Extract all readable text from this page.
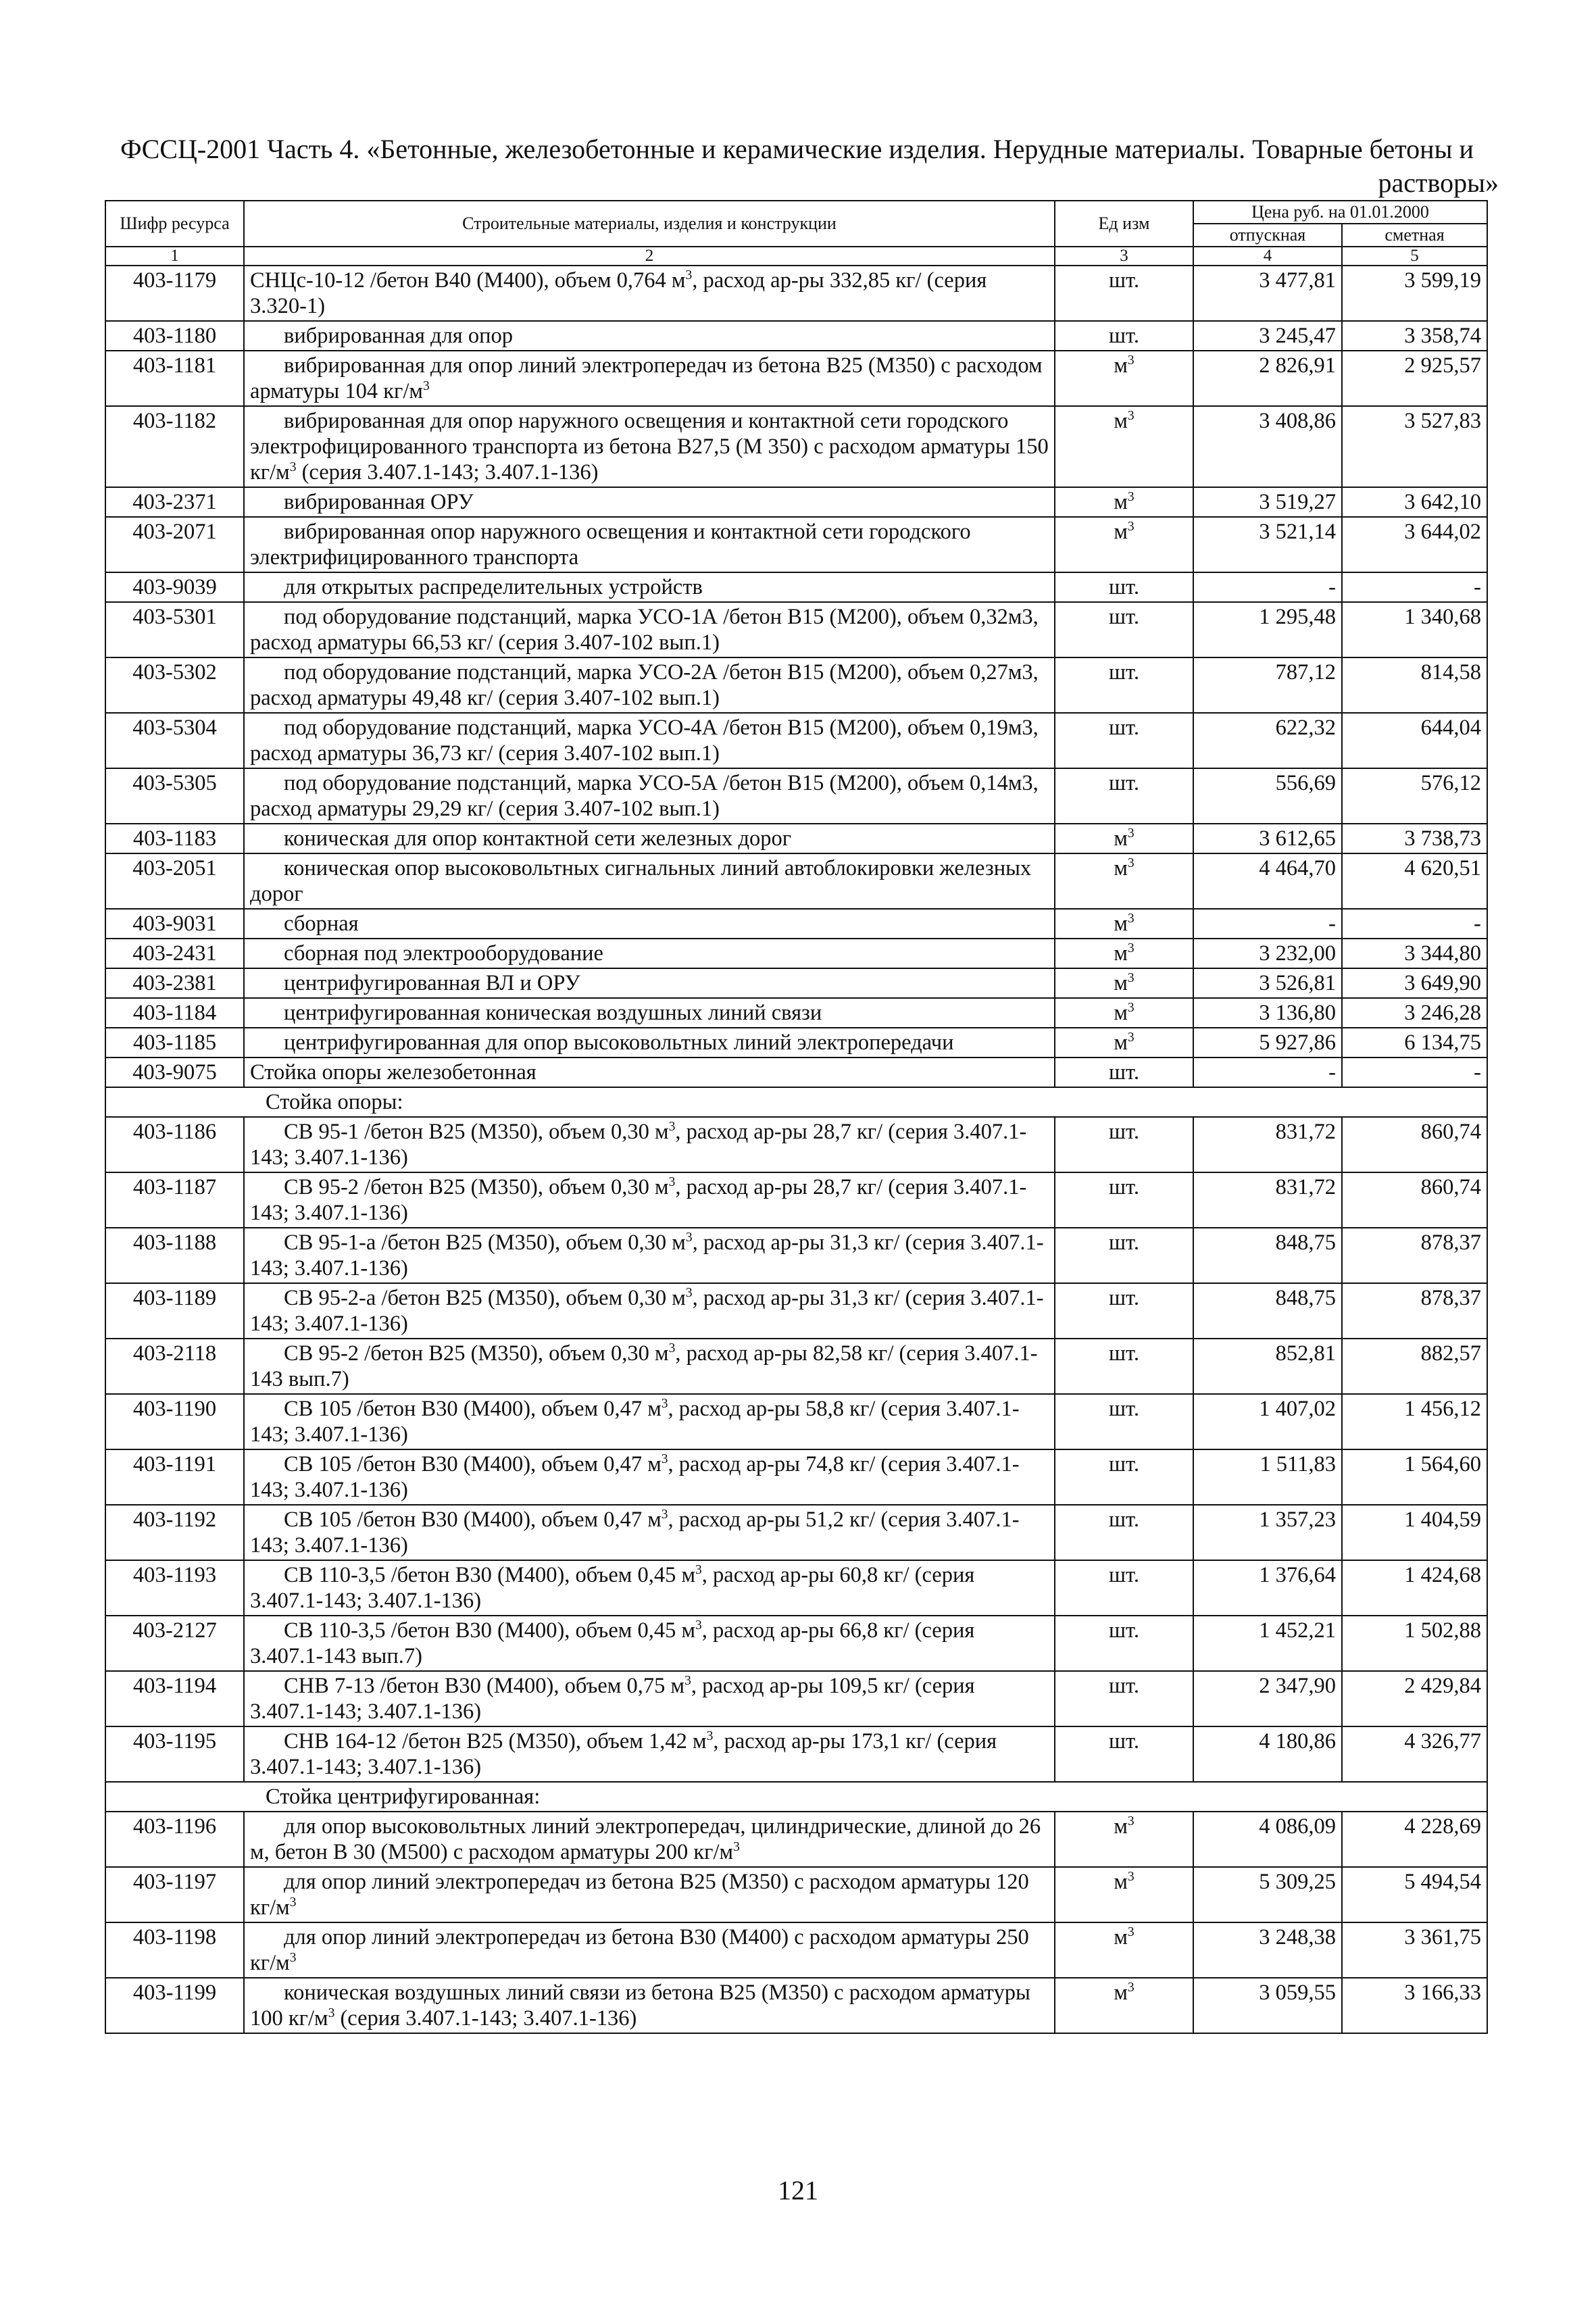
ФССЦ-2001 Часть 4. «Бетонные, железобетонные и керамические изделия. Нерудные материалы. Товарные бетоны и
растворы»
Шифр ресурса	Строительные материалы, изделия и конструкции	Ед изм	Цена руб. на 01.01.2000	
			отпускная	сметная
1	2	3	4	5
403-1179	СНЦс-10-12 /бетон В40 (М400), объем 0,764 $м^3$, расход ар-ры 332,85 кг/ (серия 3.320-1)	шт.	3 477,81	3 599,19
403-1180	вибрированная для опор	шт.	3 245,47	3 358,74
403-1181	вибрированная для опор линий электропередач из бетона В25 (М350) с расходом арматуры 104 $кг/м^3$	$м^3$	2 826,91	2 925,57
403-1182	вибрированная для опор наружного освещения и контактной сети городского электрофицированного транспорта из бетона В27,5 (М 350) с расходом арматуры 150 $кг/м^3$ (серия 3.407.1-143; 3.407.1-136)	$м^3$	3 408,86	3 527,83
403-2371	вибрированная ОРУ	$м^3$	3 519,27	3 642,10
403-2071	вибрированная опор наружного освещения и контактной сети городского электрифицированного транспорта	$м^3$	3 521,14	3 644,02
403-9039	для открытых распределительных устройств	шт.	-	-
403-5301	под оборудование подстанций, марка УСО-1А /бетон В15 (М200), объем 0,32м3, расход арматуры 66,53 кг/ (серия 3.407-102 вып.1)	шт.	1 295,48	1 340,68
403-5302	под оборудование подстанций, марка УСО-2А /бетон В15 (М200), объем 0,27м3, расход арматуры 49,48 кг/ (серия 3.407-102 вып.1)	шт.	787,12	814,58
403-5304	под оборудование подстанций, марка УСО-4А /бетон В15 (М200), объем 0,19м3, расход арматуры 36,73 кг/ (серия 3.407-102 вып.1)	шт.	622,32	644,04
403-5305	под оборудование подстанций, марка УСО-5А /бетон В15 (М200), объем 0,14м3, расход арматуры 29,29 кг/ (серия 3.407-102 вып.1)	шт.	556,69	576,12
403-1183	коническая для опор контактной сети железных дорог	$м^3$	3 612,65	3 738,73
403-2051	коническая опор высоковольтных сигнальных линий автоблокировки железных дорог	$м^3$	4 464,70	4 620,51
403-9031	сборная	$м^3$	-	-
403-2431	сборная под электрооборудование	$м^3$	3 232,00	3 344,80
403-2381	центрифугированная ВЛ и ОРУ	$м^3$	3 526,81	3 649,90
403-1184	центрифугированная коническая воздушных линий связи	$м^3$	3 136,80	3 246,28
403-1185	центрифугированная для опор высоковольтных линий электропередачи	$м^3$	5 927,86	6 134,75
403-9075	Стойка опоры железобетонная	шт.	-	-
	Стойка опоры:			
403-1186	СВ 95-1 /бетон В25 (М350), объем 0,30 $м^3$, расход ар-ры 28,7 кг/ (серия 3.407.1-143; 3.407.1-136)	шт.	831,72	860,74
403-1187	СВ 95-2 /бетон В25 (М350), объем 0,30 $м^3$, расход ар-ры 28,7 кг/ (серия 3.407.1-143; 3.407.1-136)	шт.	831,72	860,74
403-1188	СВ 95-1-а /бетон В25 (М350), объем 0,30 $м^3$, расход ар-ры 31,3 кг/ (серия 3.407.1-143; 3.407.1-136)	шт.	848,75	878,37
403-1189	СВ 95-2-а /бетон В25 (М350), объем 0,30 $м^3$, расход ар-ры 31,3 кг/ (серия 3.407.1-143; 3.407.1-136)	шт.	848,75	878,37
403-2118	СВ 95-2 /бетон В25 (М350), объем 0,30 $м^3$, расход ар-ры 82,58 кг/ (серия 3.407.1-143 вып.7)	шт.	852,81	882,57
403-1190	СВ 105 /бетон В30 (М400), объем 0,47 $м^3$, расход ар-ры 58,8 кг/ (серия 3.407.1-143; 3.407.1-136)	шт.	1 407,02	1 456,12
403-1191	СВ 105 /бетон В30 (М400), объем 0,47 $м^3$, расход ар-ры 74,8 кг/ (серия 3.407.1-143; 3.407.1-136)	шт.	1 511,83	1 564,60
403-1192	СВ 105 /бетон В30 (М400), объем 0,47 $м^3$, расход ар-ры 51,2 кг/ (серия 3.407.1-143; 3.407.1-136)	шт.	1 357,23	1 404,59
403-1193	СВ 110-3,5 /бетон В30 (М400), объем 0,45 $м^3$, расход ар-ры 60,8 кг/ (серия 3.407.1-143; 3.407.1-136)	шт.	1 376,64	1 424,68
403-2127	СВ 110-3,5 /бетон В30 (М400), объем 0,45 $м^3$, расход ар-ры 66,8 кг/ (серия 3.407.1-143 вып.7)	шт.	1 452,21	1 502,88
403-1194	СНВ 7-13 /бетон В30 (М400), объем 0,75 $м^3$, расход ар-ры 109,5 кг/ (серия 3.407.1-143; 3.407.1-136)	шт.	2 347,90	2 429,84
403-1195	СНВ 164-12 /бетон В25 (М350), объем 1,42 $м^3$, расход ар-ры 173,1 кг/ (серия 3.407.1-143; 3.407.1-136)	шт.	4 180,86	4 326,77
	Стойка центрифугированная:			
403-1196	для опор высоковольтных линий электропередач, цилиндрические, длиной до 26 м, бетон В 30 (М500) с расходом арматуры 200 $кг/м^3$	$м^3$	4 086,09	4 228,69
403-1197	для опор линий электропередач из бетона В25 (М350) с расходом арматуры 120 $кг/м^3$	$м^3$	5 309,25	5 494,54
403-1198	для опор линий электропередач из бетона В30 (М400) с расходом арматуры 250 $кг/м^3$	$м^3$	3 248,38	3 361,75
403-1199	коническая воздушных линий связи из бетона В25 (М350) с расходом арматуры 100 $кг/м^3$ (серия 3.407.1-143; 3.407.1-136)	$м^3$	3 059,55	3 166,33
121
